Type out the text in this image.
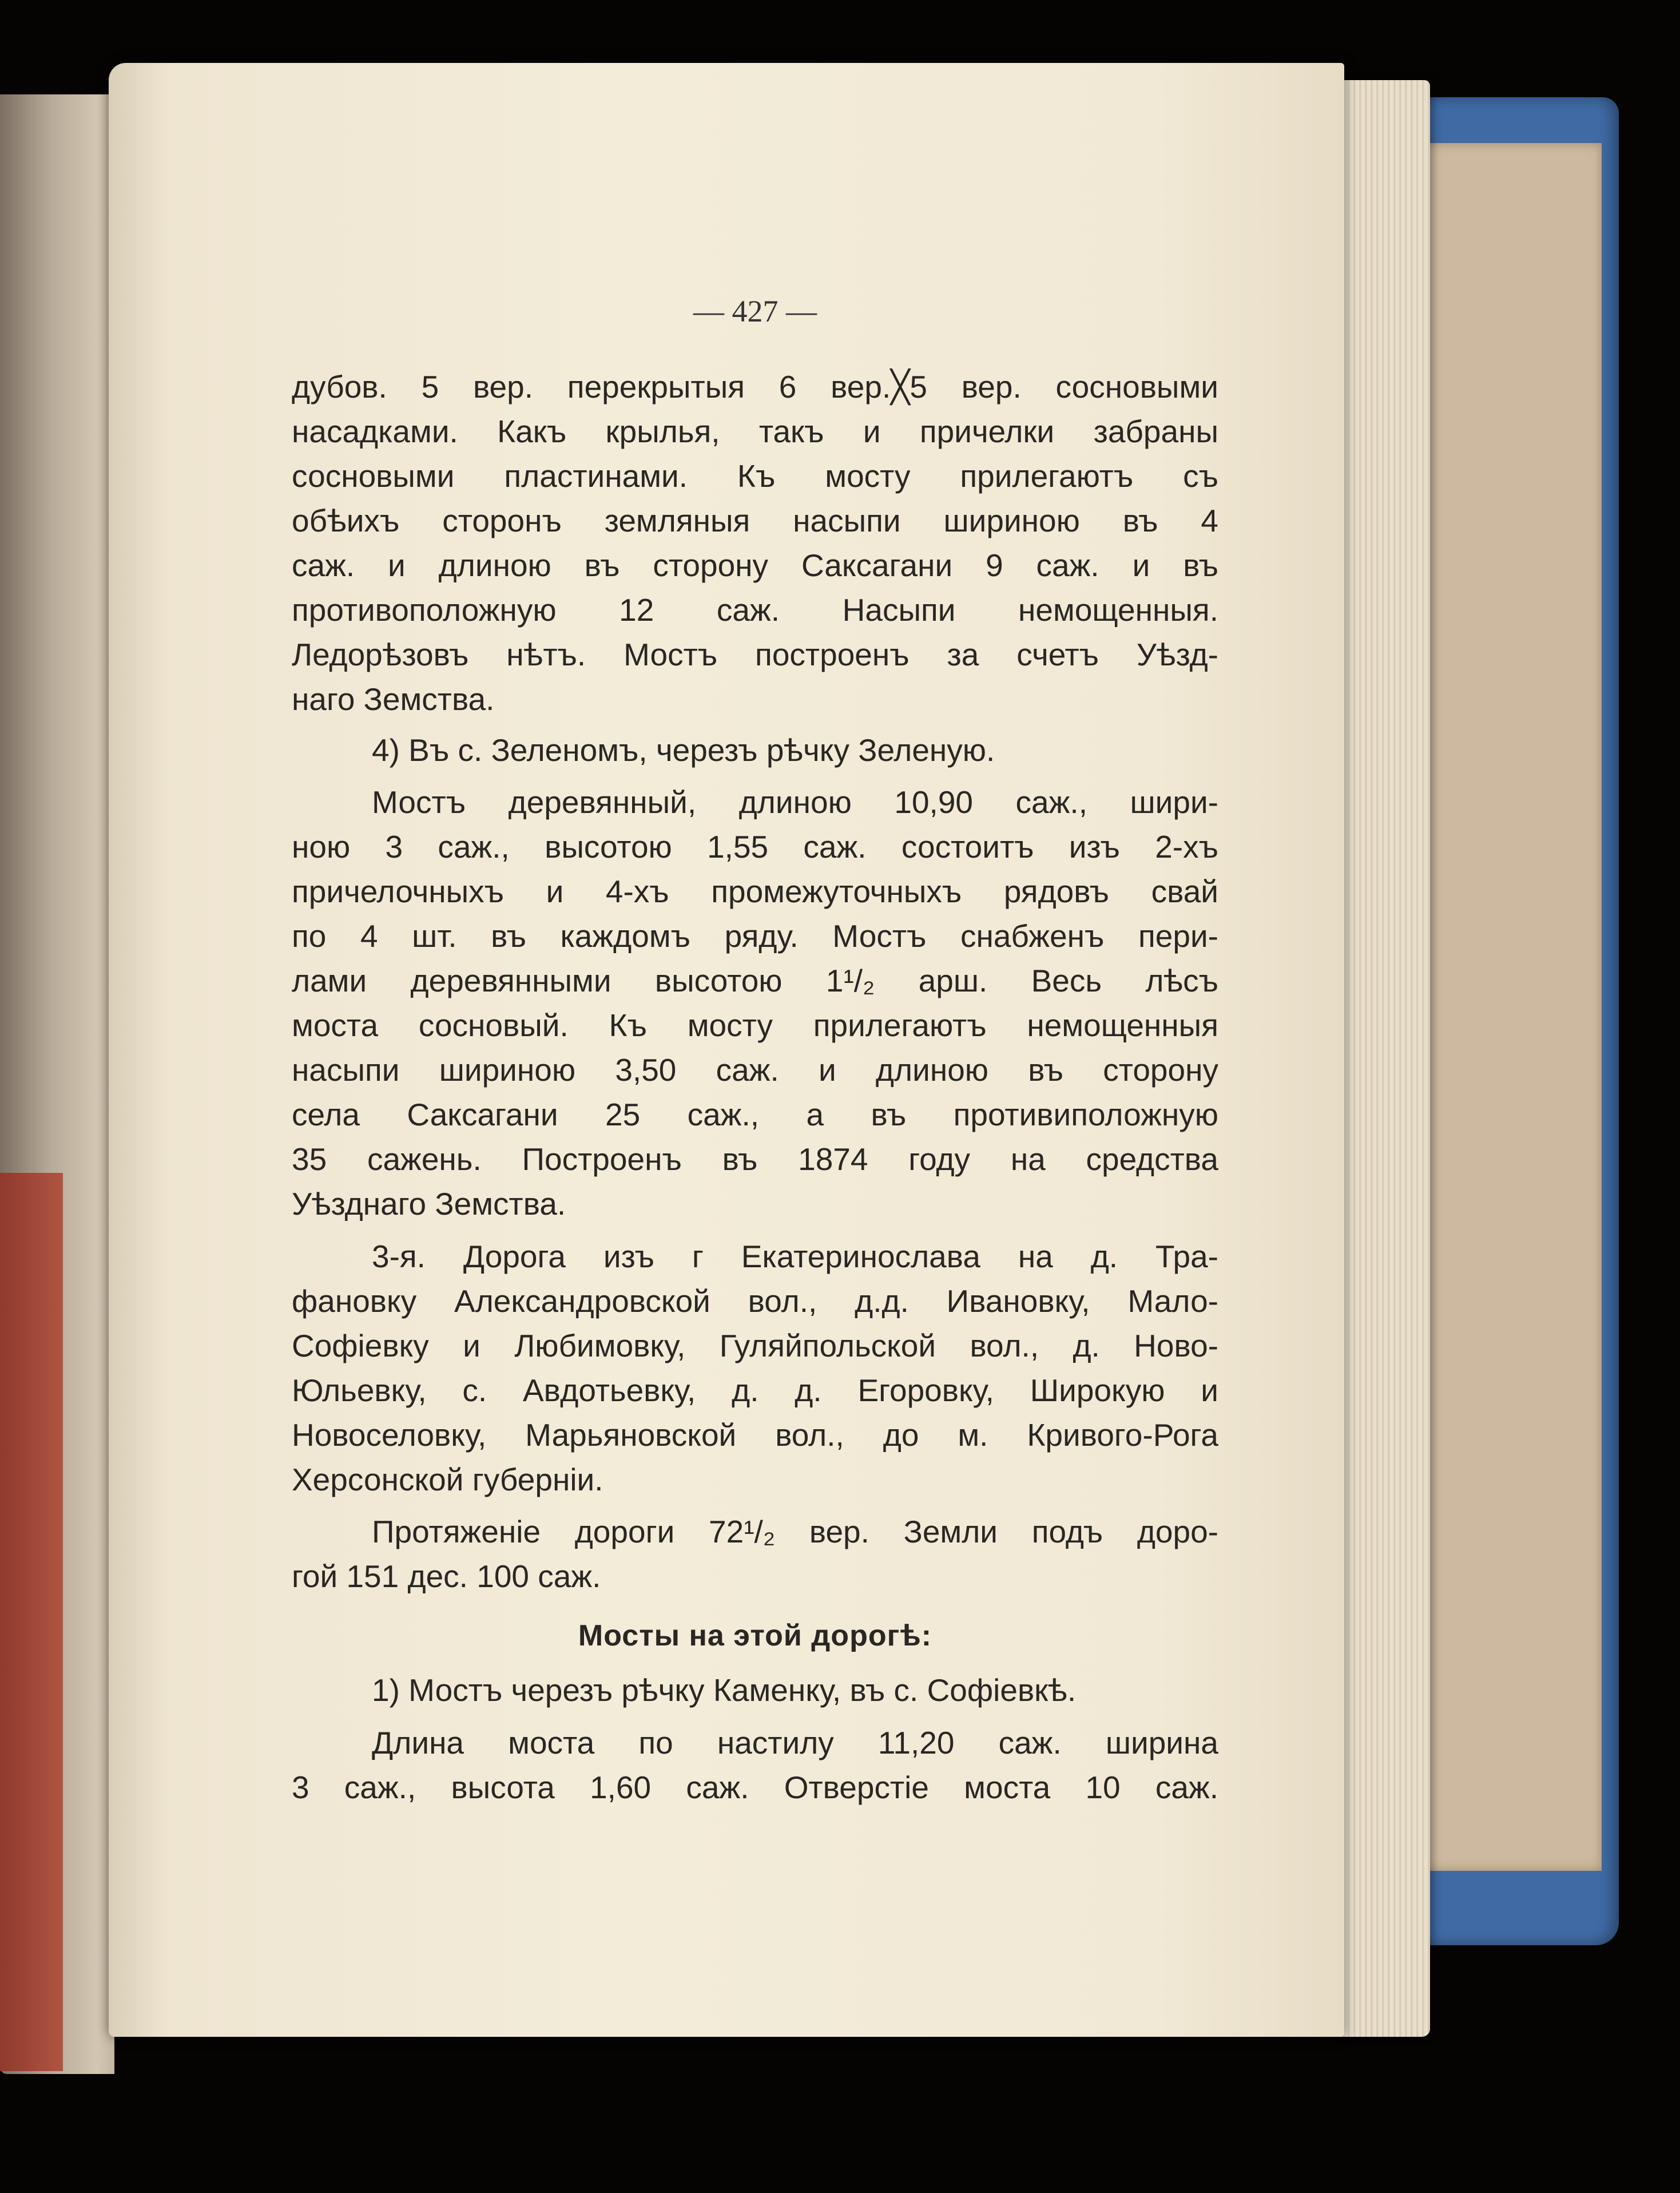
— 427 —
дубов. 5 вер. перекрытыя 6 вер.╳5 вер. сосновыми
насадками. Какъ крылья, такъ и причелки забраны
сосновыми пластинами. Къ мосту прилегаютъ съ
обѣихъ сторонъ земляныя насыпи шириною въ 4
саж. и длиною въ сторону Саксагани 9 саж. и въ
противоположную 12 саж. Насыпи немощенныя.
Ледорѣзовъ нѣтъ. Мостъ построенъ за счетъ Уѣзд-
наго Земства.
4) Въ с. Зеленомъ, черезъ рѣчку Зеленую.
Мостъ деревянный, длиною 10,90 саж., шири-
ною 3 саж., высотою 1,55 саж. состоитъ изъ 2-хъ
причелочныхъ и 4-хъ промежуточныхъ рядовъ свай
по 4 шт. въ каждомъ ряду. Мостъ снабженъ пери-
лами деревянными высотою 1¹/₂ арш. Весь лѣсъ
моста сосновый. Къ мосту прилегаютъ немощенныя
насыпи шириною 3,50 саж. и длиною въ сторону
села Саксагани 25 саж., а въ противиположную
35 сажень. Построенъ въ 1874 году на средства
Уѣзднаго Земства.
3-я. Дорога изъ г Екатеринослава на д. Тра-
фановку Александровской вол., д.д. Ивановку, Мало-
Софіевку и Любимовку, Гуляйпольской вол., д. Ново-
Юльевку, с. Авдотьевку, д. д. Егоровку, Широкую и
Новоселовку, Марьяновской вол., до м. Кривого-Рога
Херсонской губерніи.
Протяженіе дороги 72¹/₂ вер. Земли подъ доро-
гой 151 дес. 100 саж.
Мосты на этой дорогѣ:
1) Мостъ черезъ рѣчку Каменку, въ с. Софіевкѣ.
Длина моста по настилу 11,20 саж. ширина
3 саж., высота 1,60 саж. Отверстіе моста 10 саж.
